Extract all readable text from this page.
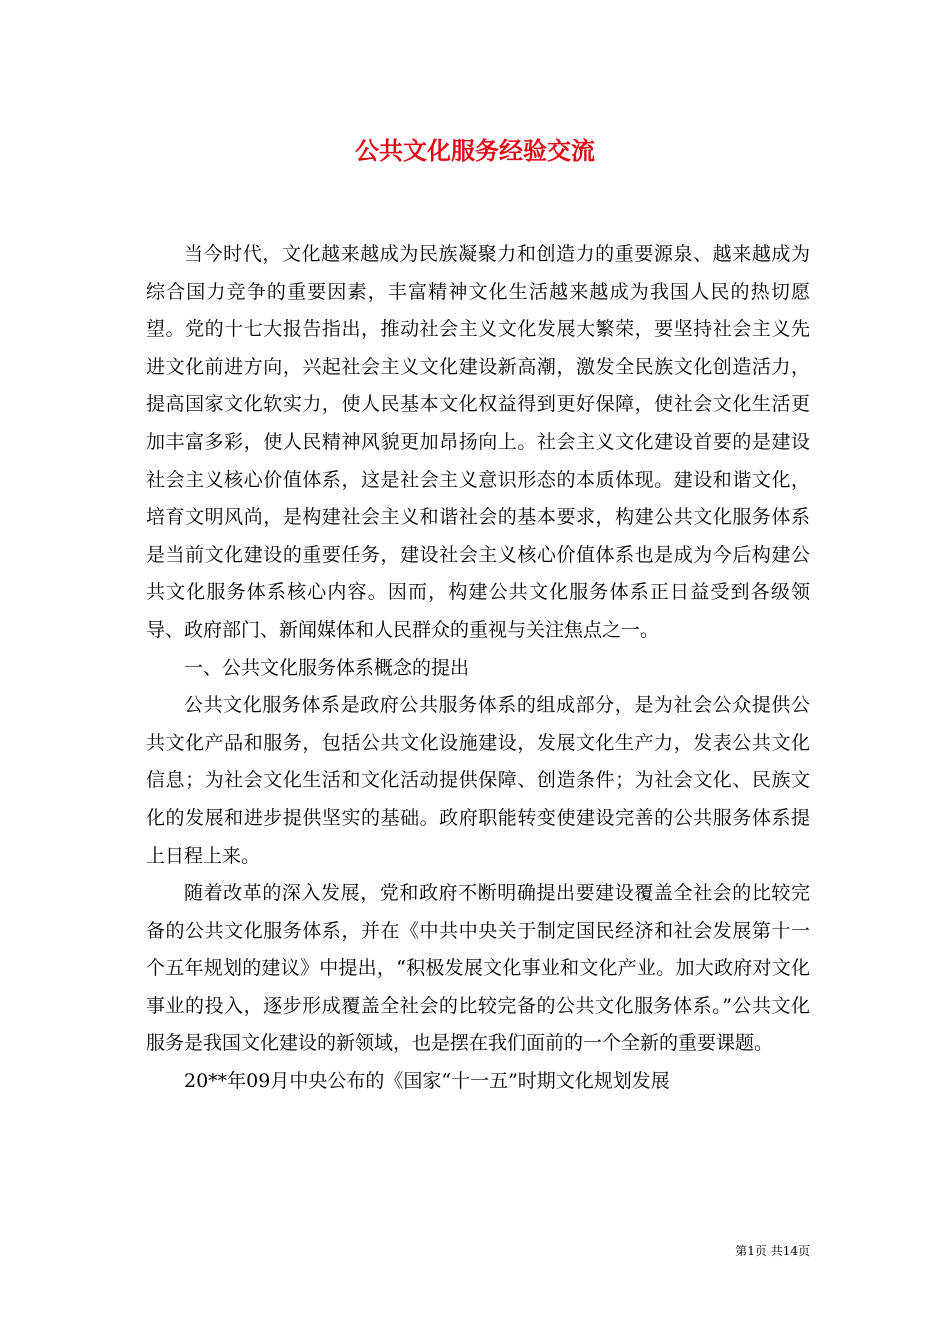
公共文化服务经验交流

当今时代，文化越来越成为民族凝聚力和创造力的重要源泉、越来越成为综合国力竞争的重要因素，丰富精神文化生活越来越成为我国人民的热切愿望。党的十七大报告指出，推动社会主义文化发展大繁荣，要坚持社会主义先进文化前进方向，兴起社会主义文化建设新高潮，激发全民族文化创造活力，提高国家文化软实力，使人民基本文化权益得到更好保障，使社会文化生活更加丰富多彩，使人民精神风貌更加昂扬向上。社会主义文化建设首要的是建设社会主义核心价值体系，这是社会主义意识形态的本质体现。建设和谐文化，培育文明风尚，是构建社会主义和谐社会的基本要求，构建公共文化服务体系是当前文化建设的重要任务，建设社会主义核心价值体系也是成为今后构建公共文化服务体系核心内容。因而，构建公共文化服务体系正日益受到各级领导、政府部门、新闻媒体和人民群众的重视与关注焦点之一。

一、公共文化服务体系概念的提出

公共文化服务体系是政府公共服务体系的组成部分，是为社会公众提供公共文化产品和服务，包括公共文化设施建设，发展文化生产力，发表公共文化信息；为社会文化生活和文化活动提供保障、创造条件；为社会文化、民族文化的发展和进步提供坚实的基础。政府职能转变使建设完善的公共服务体系提上日程上来。

随着改革的深入发展，党和政府不断明确提出要建设覆盖全社会的比较完备的公共文化服务体系，并在《中共中央关于制定国民经济和社会发展第十一个五年规划的建议》中提出，“积极发展文化事业和文化产业。加大政府对文化事业的投入，逐步形成覆盖全社会的比较完备的公共文化服务体系。”公共文化服务是我国文化建设的新领域，也是摆在我们面前的一个全新的重要课题。

20**年09月中央公布的《国家“十一五”时期文化规划发展

第1页 共14页
